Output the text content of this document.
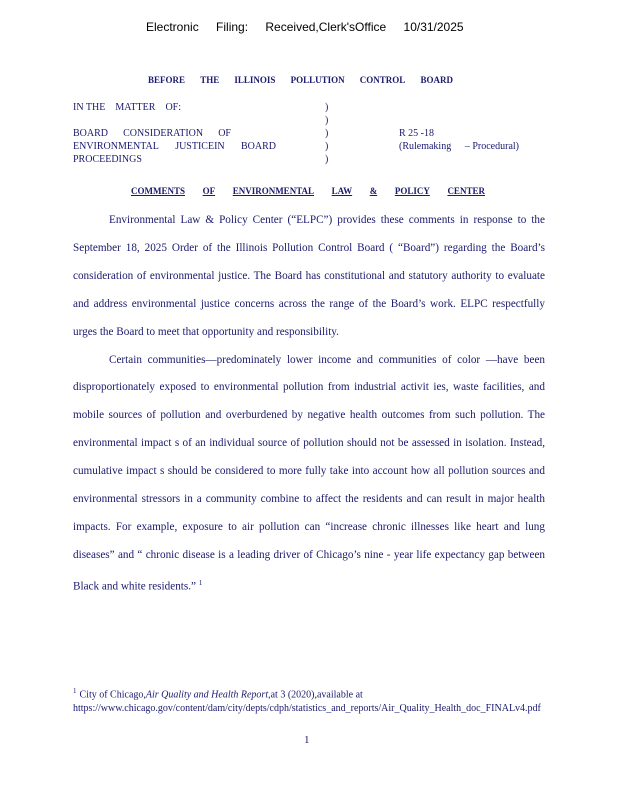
Electronic Filing: Received,Clerk'sOffice 10/31/2025
BEFORE THE ILLINOIS POLLUTION CONTROL BOARD
IN THE MATTER OF:	)
)
BOARD CONSIDERATION OF	)	R 25 -18
ENVIRONMENTAL JUSTICEIN BOARD	)	(Rulemaking – Procedural)
PROCEEDINGS	)
COMMENTS OF ENVIRONMENTAL LAW & POLICY CENTER

Environmental Law & Policy Center (“ELPC”) provides these comments in response to the September 18, 2025 Order of the Illinois Pollution Control Board ( “Board”) regarding the Board’s consideration of environmental justice. The Board has constitutional and statutory authority to evaluate and address environmental justice concerns across the range of the Board’s work. ELPC respectfully urges the Board to meet that opportunity and responsibility.

Certain communities—predominately lower income and communities of color —have been disproportionately exposed to environmental pollution from industrial activit ies, waste facilities, and mobile sources of pollution and overburdened by negative health outcomes from such pollution. The environmental impact s of an individual source of pollution should not be assessed in isolation. Instead, cumulative impact s should be considered to more fully take into account how all pollution sources and environmental stressors in a community combine to affect the residents and can result in major health impacts. For example, exposure to air pollution can “increase chronic illnesses like heart and lung diseases” and “ chronic disease is a leading driver of Chicago’s nine - year life expectancy gap between Black and white residents.” $^1$

$^1$ City of Chicago,Air Quality and Health Report,at 3 (2020),available at
https://www.chicago.gov/content/dam/city/depts/cdph/statistics_and_reports/Air_Quality_Health_doc_FINALv4.pdf
1
